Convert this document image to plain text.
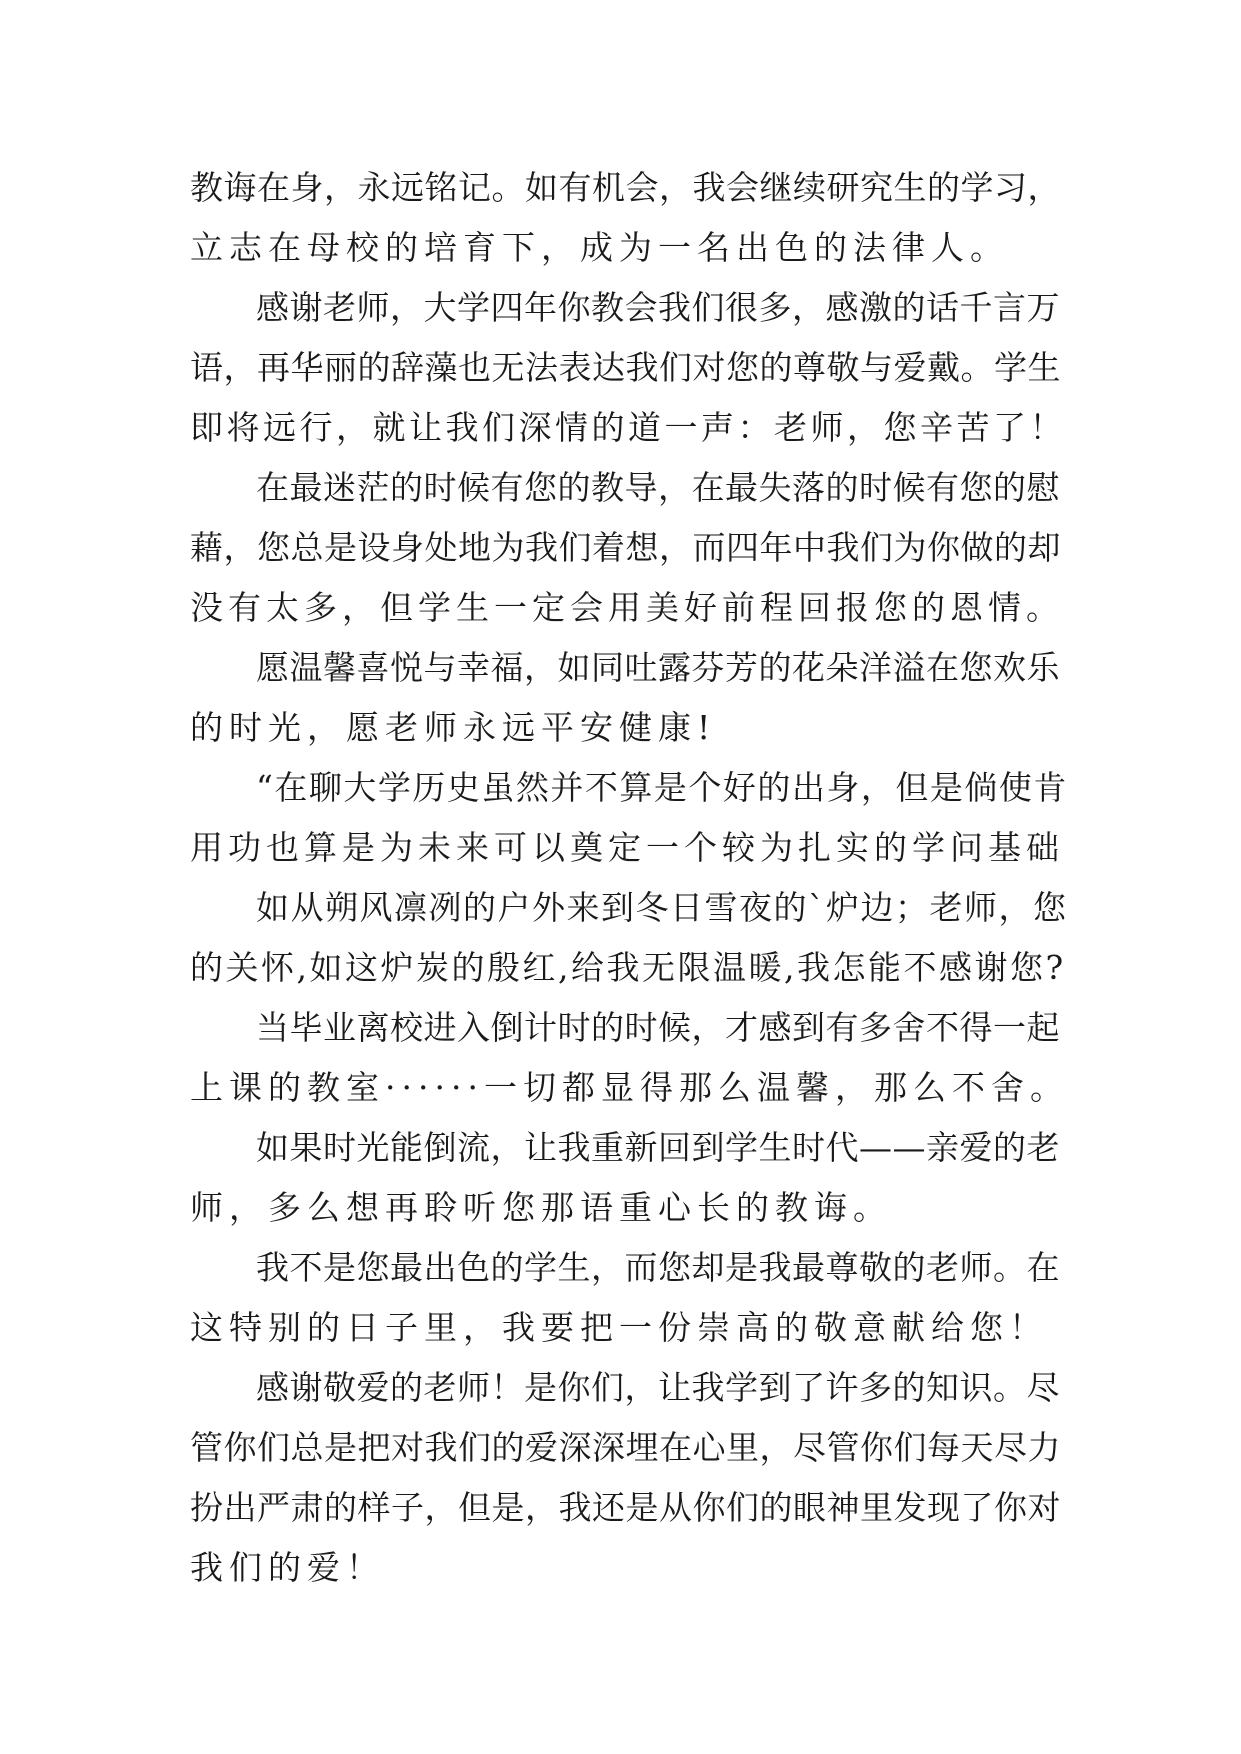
教诲在身，永远铭记。如有机会，我会继续研究生的学习，
立志在母校的培育下，成为一名出色的法律人。
感谢老师，大学四年你教会我们很多，感激的话千言万
语，再华丽的辞藻也无法表达我们对您的尊敬与爱戴。学生
即将远行，就让我们深情的道一声：老师，您辛苦了！
在最迷茫的时候有您的教导，在最失落的时候有您的慰
藉，您总是设身处地为我们着想，而四年中我们为你做的却
没有太多，但学生一定会用美好前程回报您的恩情。
愿温馨喜悦与幸福，如同吐露芬芳的花朵洋溢在您欢乐
的时光，愿老师永远平安健康!
“在聊大学历史虽然并不算是个好的出身，但是倘使肯
用功也算是为未来可以奠定一个较为扎实的学问基础
如从朔风凛冽的户外来到冬日雪夜的`炉边；老师，您
的关怀,如这炉炭的殷红,给我无限温暖,我怎能不感谢您?
当毕业离校进入倒计时的时候，才感到有多舍不得一起
上课的教室······一切都显得那么温馨，那么不舍。
如果时光能倒流，让我重新回到学生时代——亲爱的老
师，多么想再聆听您那语重心长的教诲。
我不是您最出色的学生，而您却是我最尊敬的老师。在
这特别的日子里，我要把一份崇高的敬意献给您！
感谢敬爱的老师！是你们，让我学到了许多的知识。尽
管你们总是把对我们的爱深深埋在心里，尽管你们每天尽力
扮出严肃的样子，但是，我还是从你们的眼神里发现了你对
我们的爱！
